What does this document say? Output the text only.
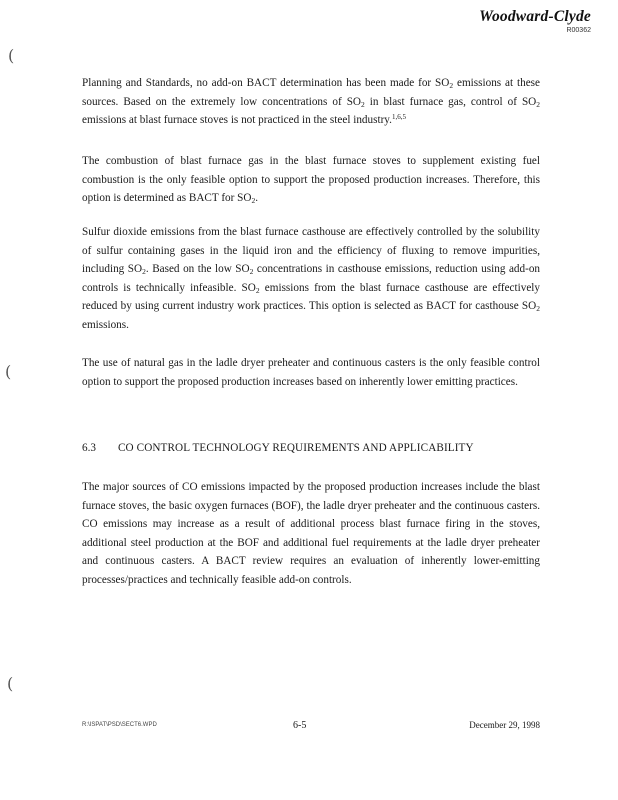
Woodward-Clyde
R00362
(
(
(

Planning and Standards, no add-on BACT determination has been made for $SO_2$ emissions at these sources. Based on the extremely low concentrations of $SO_2$ in blast furnace gas, control of $SO_2$ emissions at blast furnace stoves is not practiced in the steel industry.$^{1,6,5}$

The combustion of blast furnace gas in the blast furnace stoves to supplement existing fuel combustion is the only feasible option to support the proposed production increases. Therefore, this option is determined as BACT for $SO_2$.

Sulfur dioxide emissions from the blast furnace casthouse are effectively controlled by the solubility of sulfur containing gases in the liquid iron and the efficiency of fluxing to remove impurities, including $SO_2$. Based on the low $SO_2$ concentrations in casthouse emissions, reduction using add-on controls is technically infeasible. $SO_2$ emissions from the blast furnace casthouse are effectively reduced by using current industry work practices. This option is selected as BACT for casthouse $SO_2$ emissions.

The use of natural gas in the ladle dryer preheater and continuous casters is the only feasible control option to support the proposed production increases based on inherently lower emitting practices.

6.3 CO CONTROL TECHNOLOGY REQUIREMENTS AND APPLICABILITY

The major sources of CO emissions impacted by the proposed production increases include the blast furnace stoves, the basic oxygen furnaces (BOF), the ladle dryer preheater and the continuous casters. CO emissions may increase as a result of additional process blast furnace firing in the stoves, additional steel production at the BOF and additional fuel requirements at the ladle dryer preheater and continuous casters. A BACT review requires an evaluation of inherently lower-emitting processes/practices and technically feasible add-on controls.

R:\ISPAT\PSD\SECT6.WPD	6-5	December 29, 1998
